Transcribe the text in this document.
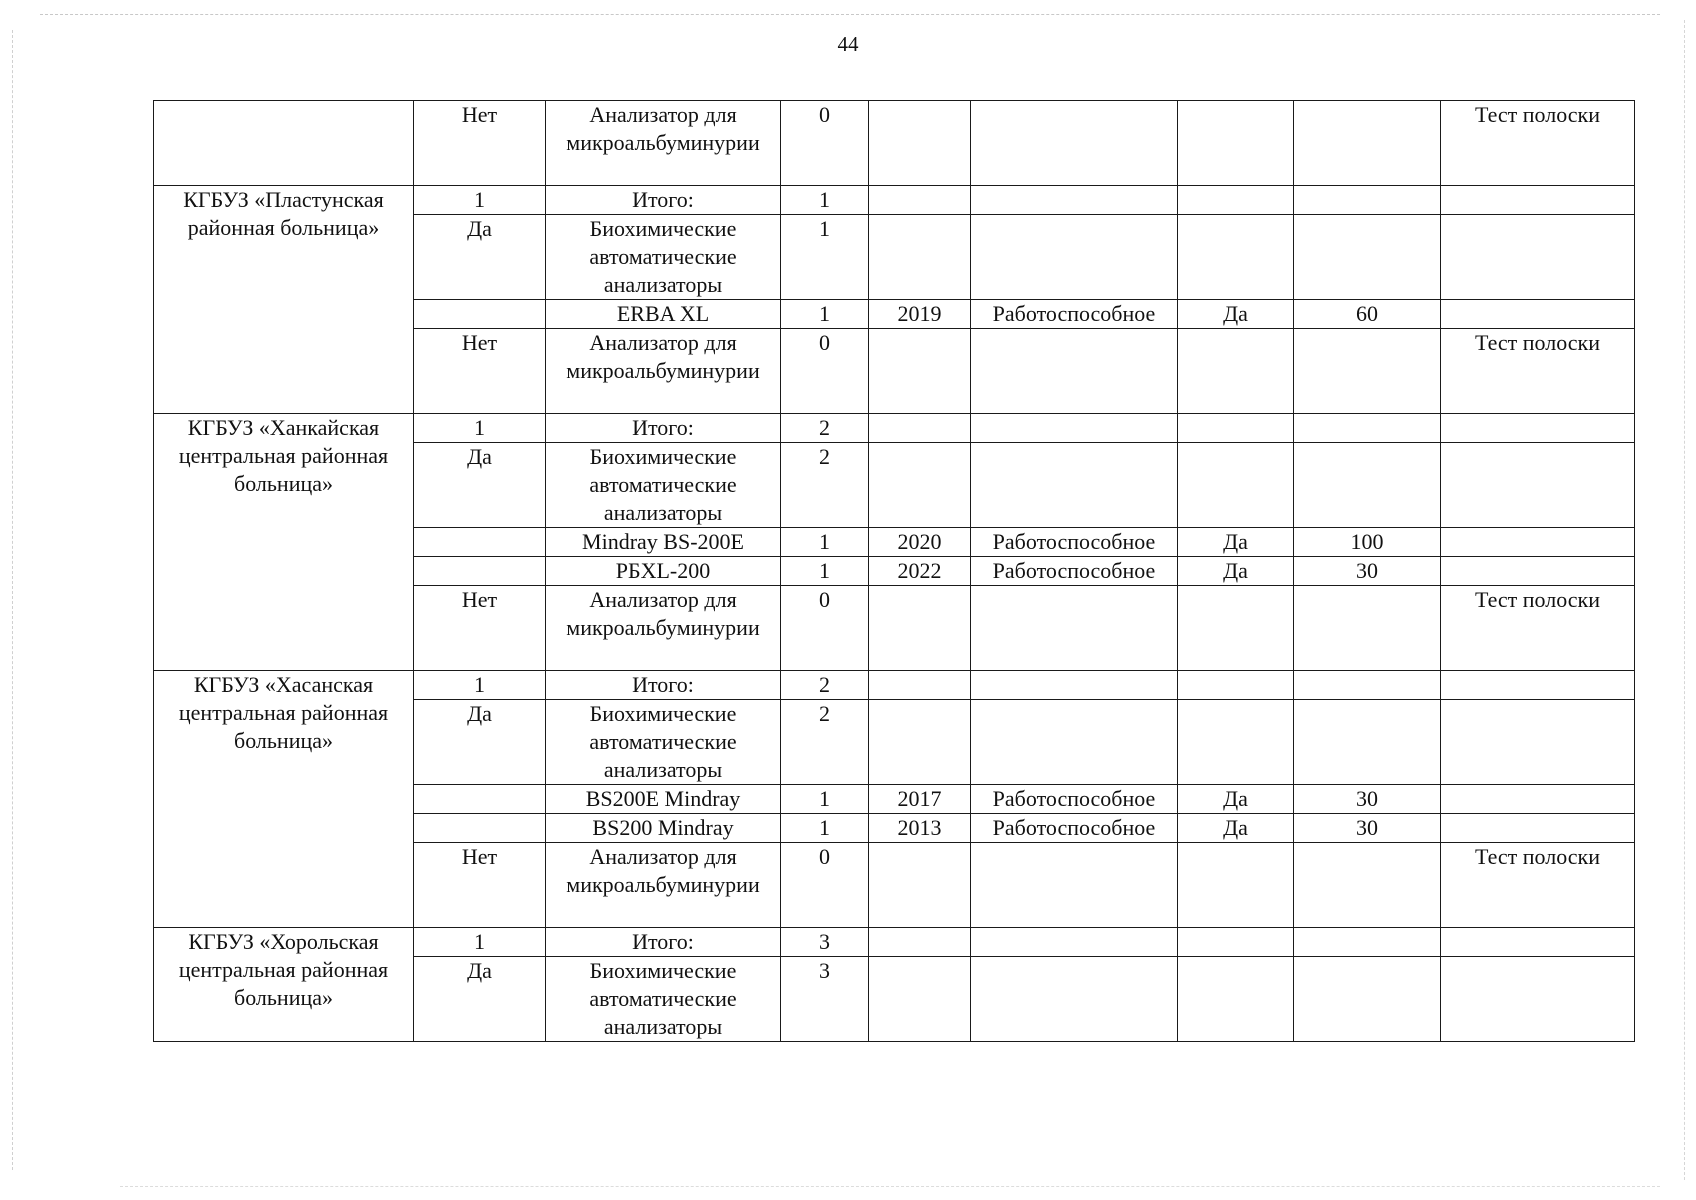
44
	Нет	Анализатор для микроальбуминурии	0					Тест полоски
КГБУЗ «Пластунская районная больница»	1	Итого:	1					
	Да	Биохимические автоматические анализаторы	1					
		ERBA XL	1	2019	Работоспособное	Да	60	
	Нет	Анализатор для микроальбуминурии	0					Тест полоски
КГБУЗ «Ханкайская центральная районная больница»	1	Итого:	2					
	Да	Биохимические автоматические анализаторы	2					
		Mindray BS-200E	1	2020	Работоспособное	Да	100	
		РБXL-200	1	2022	Работоспособное	Да	30	
	Нет	Анализатор для микроальбуминурии	0					Тест полоски
КГБУЗ «Хасанская центральная районная больница»	1	Итого:	2					
	Да	Биохимические автоматические анализаторы	2					
		BS200E Mindray	1	2017	Работоспособное	Да	30	
		BS200 Mindray	1	2013	Работоспособное	Да	30	
	Нет	Анализатор для микроальбуминурии	0					Тест полоски
КГБУЗ «Хорольская центральная районная больница»	1	Итого:	3					
	Да	Биохимические автоматические анализаторы	3					
